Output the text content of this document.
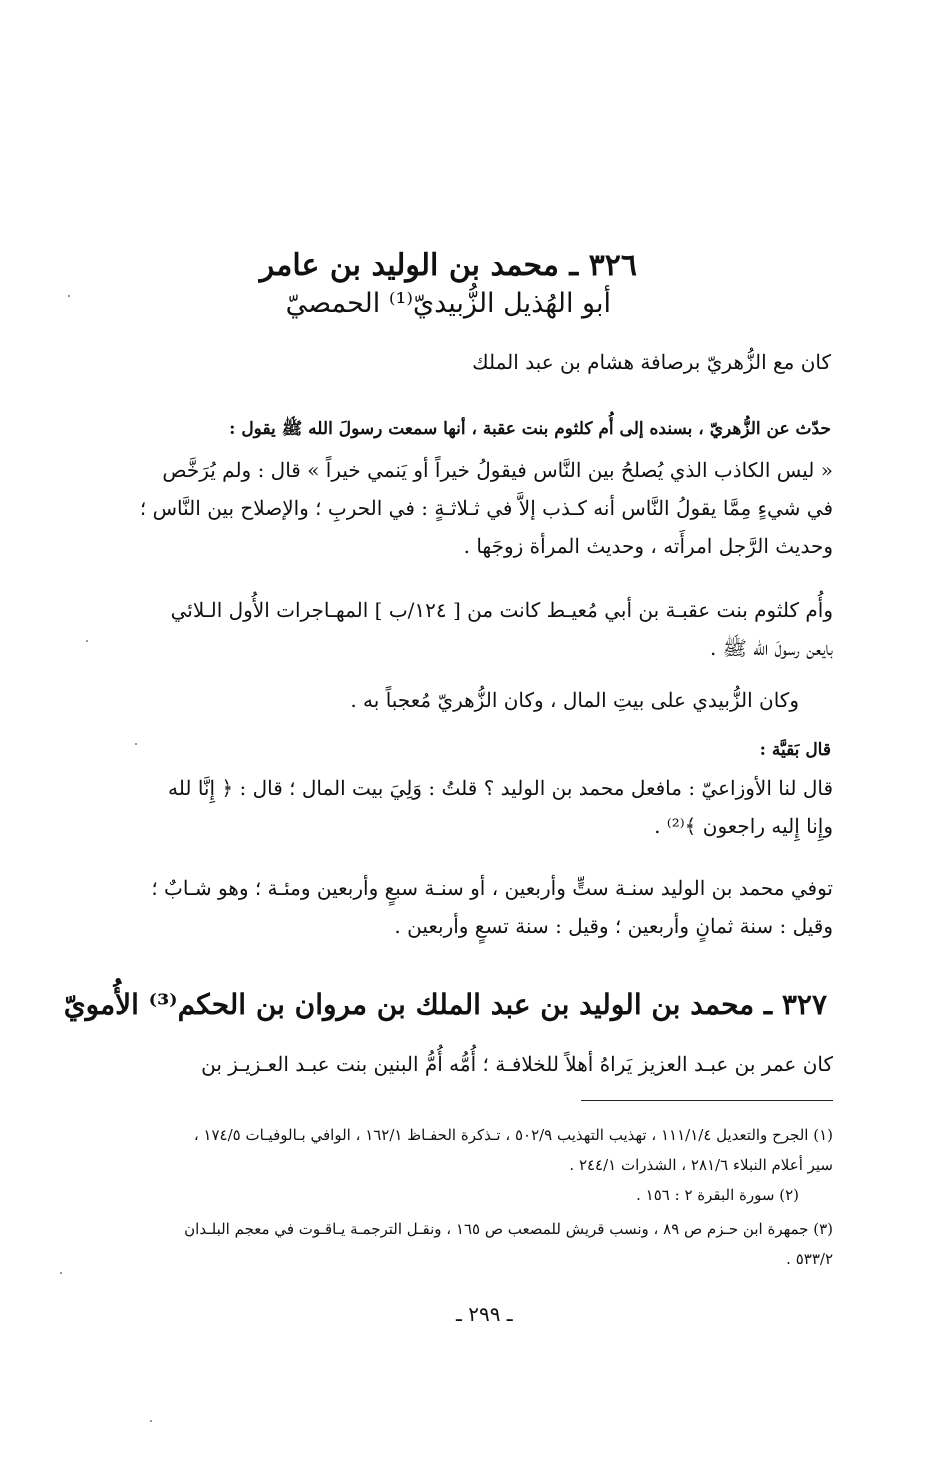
٣٢٦ ـ محمد بن الوليد بن عامر
أبو الهُذيل الزُّبيديّ⁽¹⁾ الحمصيّ
كان مع الزُّهريّ برصافة هشام بن عبد الملك
حدّث عن الزُّهريّ ، بسنده إلى أُم كلثوم بنت عقبة ، أنها سمعت رسولَ الله ﷺ يقول :
« ليس الكاذب الذي يُصلحُ بين النَّاس فيقولُ خيراً أو يَنمي خيراً » قال : ولم يُرَخَّص
في شيءٍ مِمَّا يقولُ النَّاس أنه كـذب إلاَّ في ثـلاثـةٍ : في الحربِ ؛ والإصلاح بين النَّاس ؛
وحديث الرَّجل امرأَته ، وحديث المرأة زوجَها .
وأُم كلثوم بنت عقبـة بن أبي مُعيـط كانت من [ ١٢٤/ب ] المهـاجرات الأُول الـلائي
بايعن رسولَ الله ﷺ .
وكان الزُّبيدي على بيتِ المال ، وكان الزُّهريّ مُعجباً به .
قال بَقيَّة :
قال لنا الأوزاعيّ : مافعل محمد بن الوليد ؟ قلتُ : وَلِيَ بيت المال ؛ قال : ﴿ إِنَّا لله
وإِنا إِليه راجعون ﴾⁽²⁾ .
توفي محمد بن الوليد سنـة ستٍّ وأربعين ، أو سنـة سبعٍ وأربعين ومئـة ؛ وهو شـابٌ ؛
وقيل : سنة ثمانٍ وأربعين ؛ وقيل : سنة تسعٍ وأربعين .
٣٢٧ ـ محمد بن الوليد بن عبد الملك بن مروان بن الحكم⁽³⁾ الأُمويّ
كان عمر بن عبـد العزيز يَراهُ أهلاً للخلافـة ؛ أُمُّه أُمُّ البنين بنت عبـد العـزيـز بن
(١) الجرح والتعديل ١١١/١/٤ ، تهذيب التهذيب ٥٠٢/٩ ، تـذكرة الحفـاظ ١٦٢/١ ، الوافي بـالوفيـات ١٧٤/٥ ،
سير أعلام النبلاء ٢٨١/٦ ، الشذرات ٢٤٤/١ .
(٢) سورة البقرة ٢ : ١٥٦ .
(٣) جمهرة ابن حـزم ص ٨٩ ، ونسب قريش للمصعب ص ١٦٥ ، ونقـل الترجمـة يـاقـوت في معجم البلـدان
٥٣٣/٢ .
ـ ٢٩٩ ـ
